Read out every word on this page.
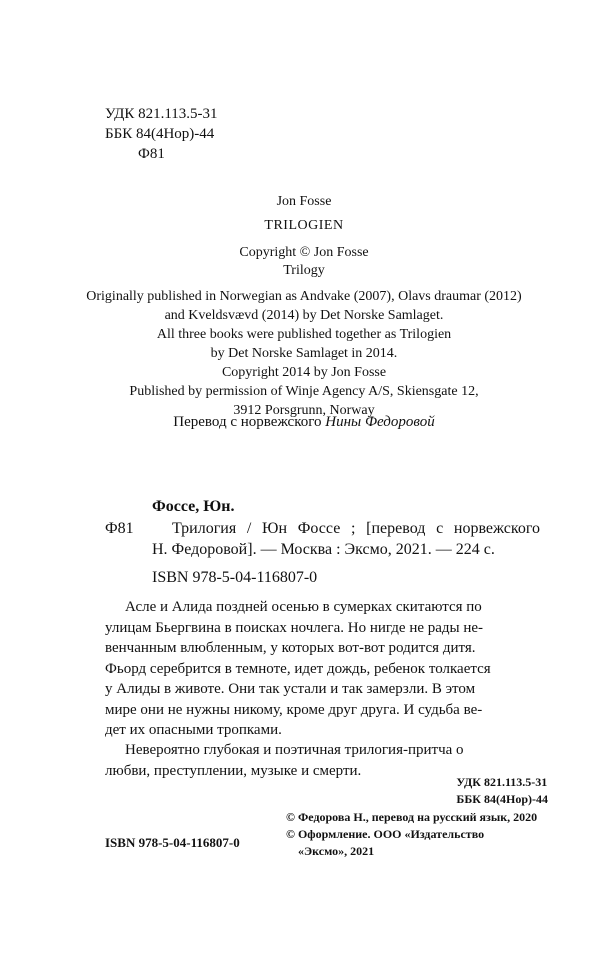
УДК 821.113.5-31
ББК 84(4Нор)-44
Ф81
Jon Fosse
TRILOGIEN
Copyright © Jon Fosse
Trilogy
Originally published in Norwegian as Andvake (2007), Olavs draumar (2012)
and Kveldsvævd (2014) by Det Norske Samlaget.
All three books were published together as Trilogien
by Det Norske Samlaget in 2014.
Copyright 2014 by Jon Fosse
Published by permission of Winje Agency A/S, Skiensgate 12,
3912 Porsgrunn, Norway
Перевод с норвежского Нины Федоровой
Фоссе, Юн.
Ф81 Трилогия / Юн Фоссе ; [перевод с норвежского
Н. Федоровой]. — Москва : Эксмо, 2021. — 224 с.
ISBN 978-5-04-116807-0
Асле и Алида поздней осенью в сумерках скитаются по
улицам Бьергвина в поисках ночлега. Но нигде не рады не-
венчанным влюбленным, у которых вот-вот родится дитя.
Фьорд серебрится в темноте, идет дождь, ребенок толкается
у Алиды в животе. Они так устали и так замерзли. В этом
мире они не нужны никому, кроме друг друга. И судьба ве-
дет их опасными тропками.
Невероятно глубокая и поэтичная трилогия-притча о
любви, преступлении, музыке и смерти.
УДК 821.113.5-31
ББК 84(4Нор)-44
© Федорова Н., перевод на русский язык, 2020
© Оформление. ООО «Издательство
«Эксмо», 2021
ISBN 978-5-04-116807-0
